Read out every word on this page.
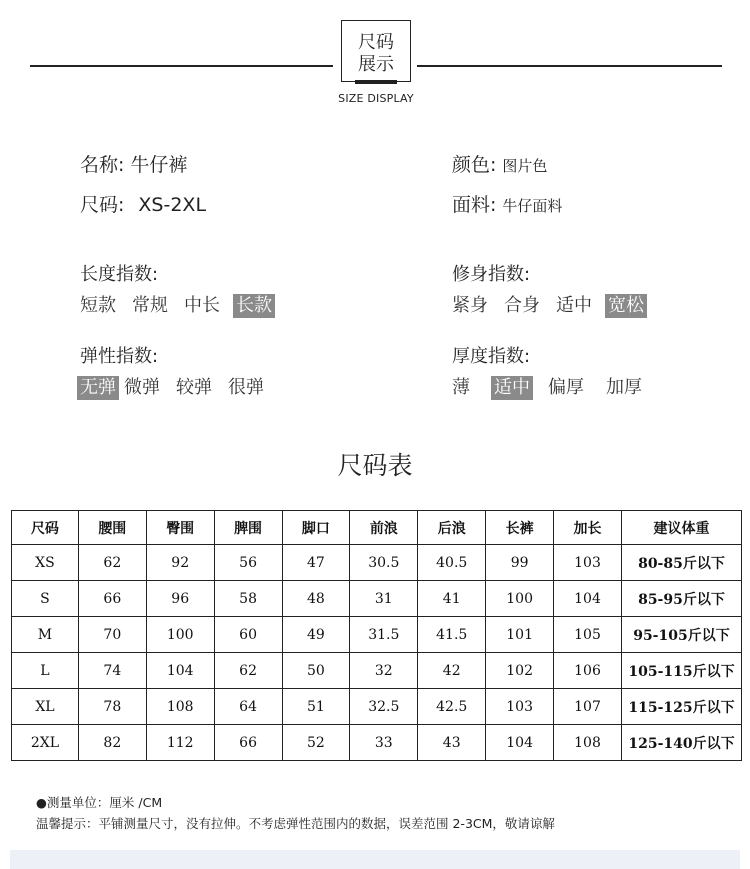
尺码
展示
SIZE DISPLAY
名称: 牛仔裤
尺码: XS-2XL
颜色: 图片色
面料: 牛仔面料
长度指数:
短款 常规 中长 长款
修身指数:
紧身 合身 适中 宽松
弹性指数:
无弹 微弹 较弹 很弹
厚度指数:
薄 适中 偏厚 加厚
尺码表
尺码	腰围	臀围	脾围	脚口	前浪	后浪	长裤	加长	建议体重
XS	62	92	56	47	30.5	40.5	99	103	80-85斤以下
S	66	96	58	48	31	41	100	104	85-95斤以下
M	70	100	60	49	31.5	41.5	101	105	95-105斤以下
L	74	104	62	50	32	42	102	106	105-115斤以下
XL	78	108	64	51	32.5	42.5	103	107	115-125斤以下
2XL	82	112	66	52	33	43	104	108	125-140斤以下
●测量单位：厘米 /CM
温馨提示：平铺测量尺寸，没有拉伸。不考虑弹性范围内的数据，误差范围 2-3CM，敬请谅解
